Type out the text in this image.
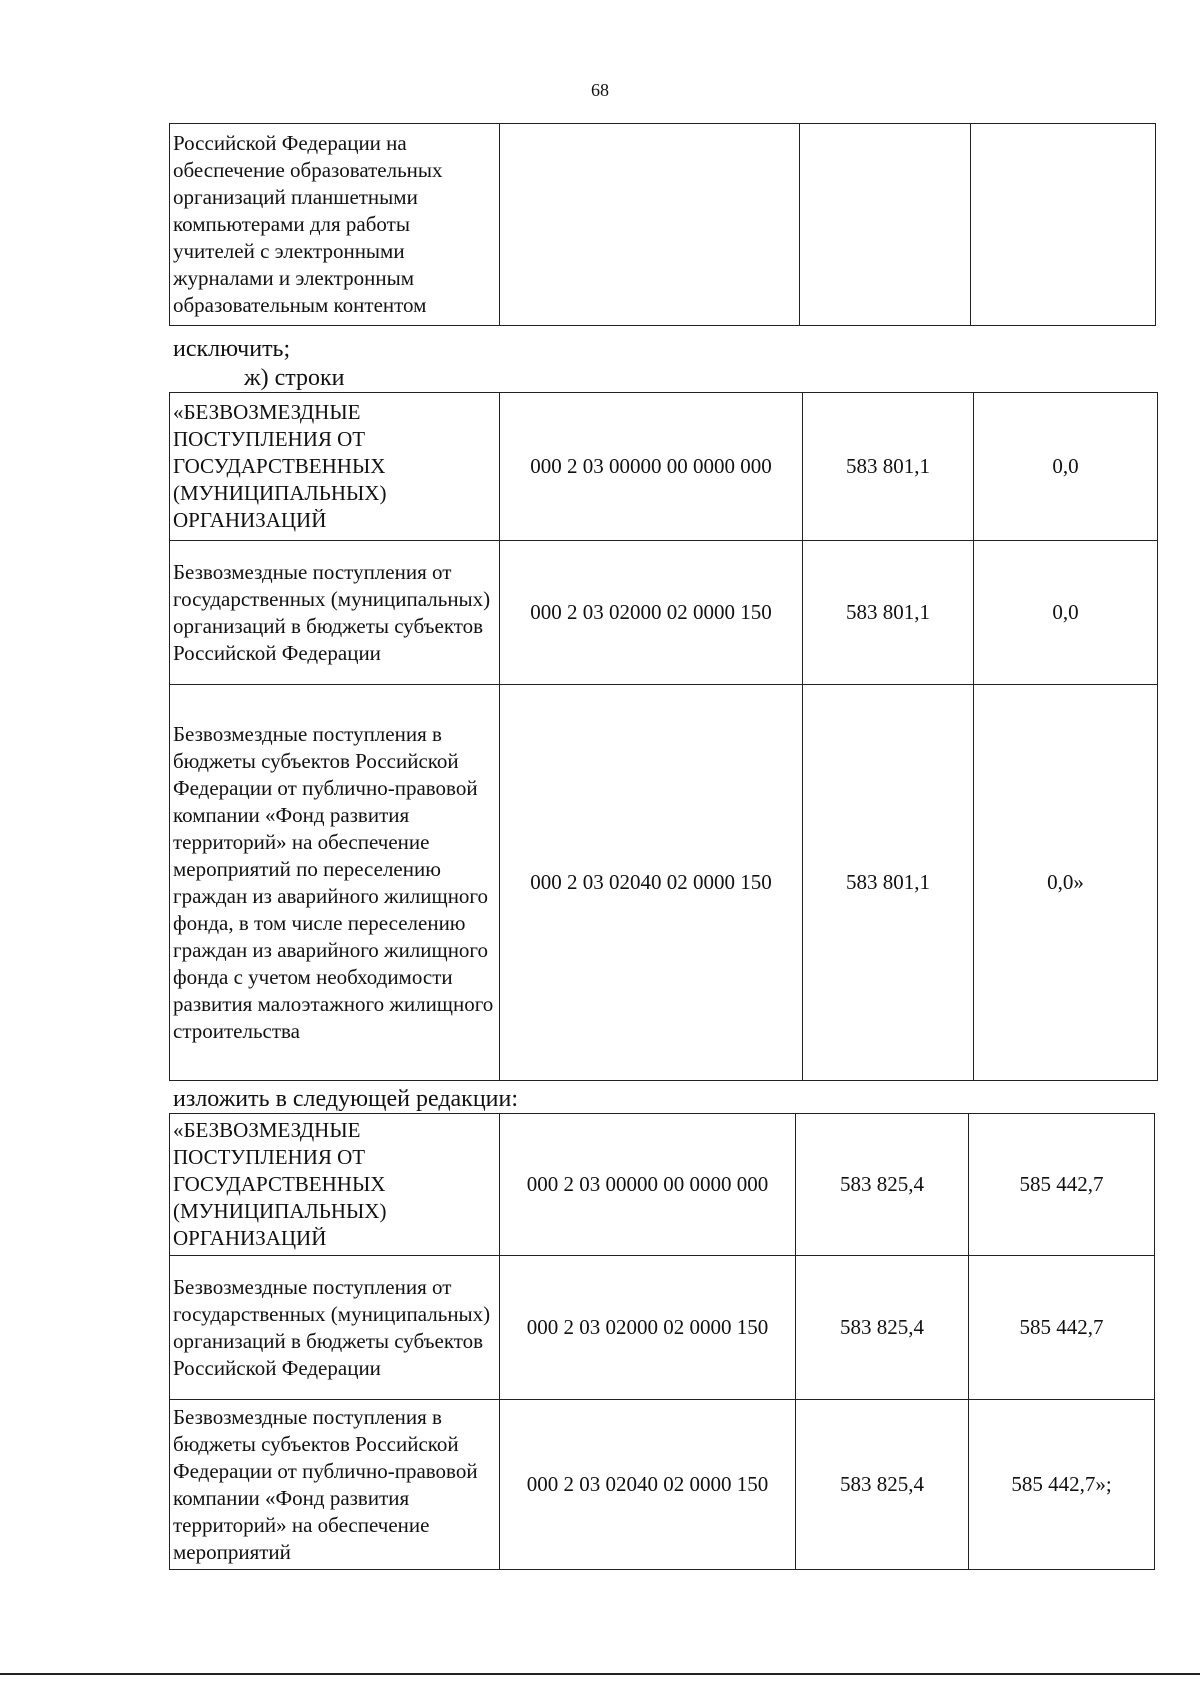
68
Российской Федерации на обеспечение образовательных организаций планшетными компьютерами для работы учителей с электронными журналами и электронным образовательным контентом			
исключить;
ж) строки
«БЕЗВОЗМЕЗДНЫЕ ПОСТУПЛЕНИЯ ОТ ГОСУДАРСТВЕННЫХ (МУНИЦИПАЛЬНЫХ) ОРГАНИЗАЦИЙ	000 2 03 00000 00 0000 000	583 801,1	0,0
Безвозмездные поступления от государственных (муниципальных) организаций в бюджеты субъектов Российской Федерации	000 2 03 02000 02 0000 150	583 801,1	0,0
Безвозмездные поступления в бюджеты субъектов Российской Федерации от публично-правовой компании «Фонд развития территорий» на обеспечение мероприятий по переселению граждан из аварийного жилищного фонда, в том числе переселению граждан из аварийного жилищного фонда с учетом необходимости развития малоэтажного жилищного строительства	000 2 03 02040 02 0000 150	583 801,1	0,0»
изложить в следующей редакции:
«БЕЗВОЗМЕЗДНЫЕ ПОСТУПЛЕНИЯ ОТ ГОСУДАРСТВЕННЫХ (МУНИЦИПАЛЬНЫХ) ОРГАНИЗАЦИЙ	000 2 03 00000 00 0000 000	583 825,4	585 442,7
Безвозмездные поступления от государственных (муниципальных) организаций в бюджеты субъектов Российской Федерации	000 2 03 02000 02 0000 150	583 825,4	585 442,7
Безвозмездные поступления в бюджеты субъектов Российской Федерации от публично-правовой компании «Фонд развития территорий» на обеспечение мероприятий	000 2 03 02040 02 0000 150	583 825,4	585 442,7»;
